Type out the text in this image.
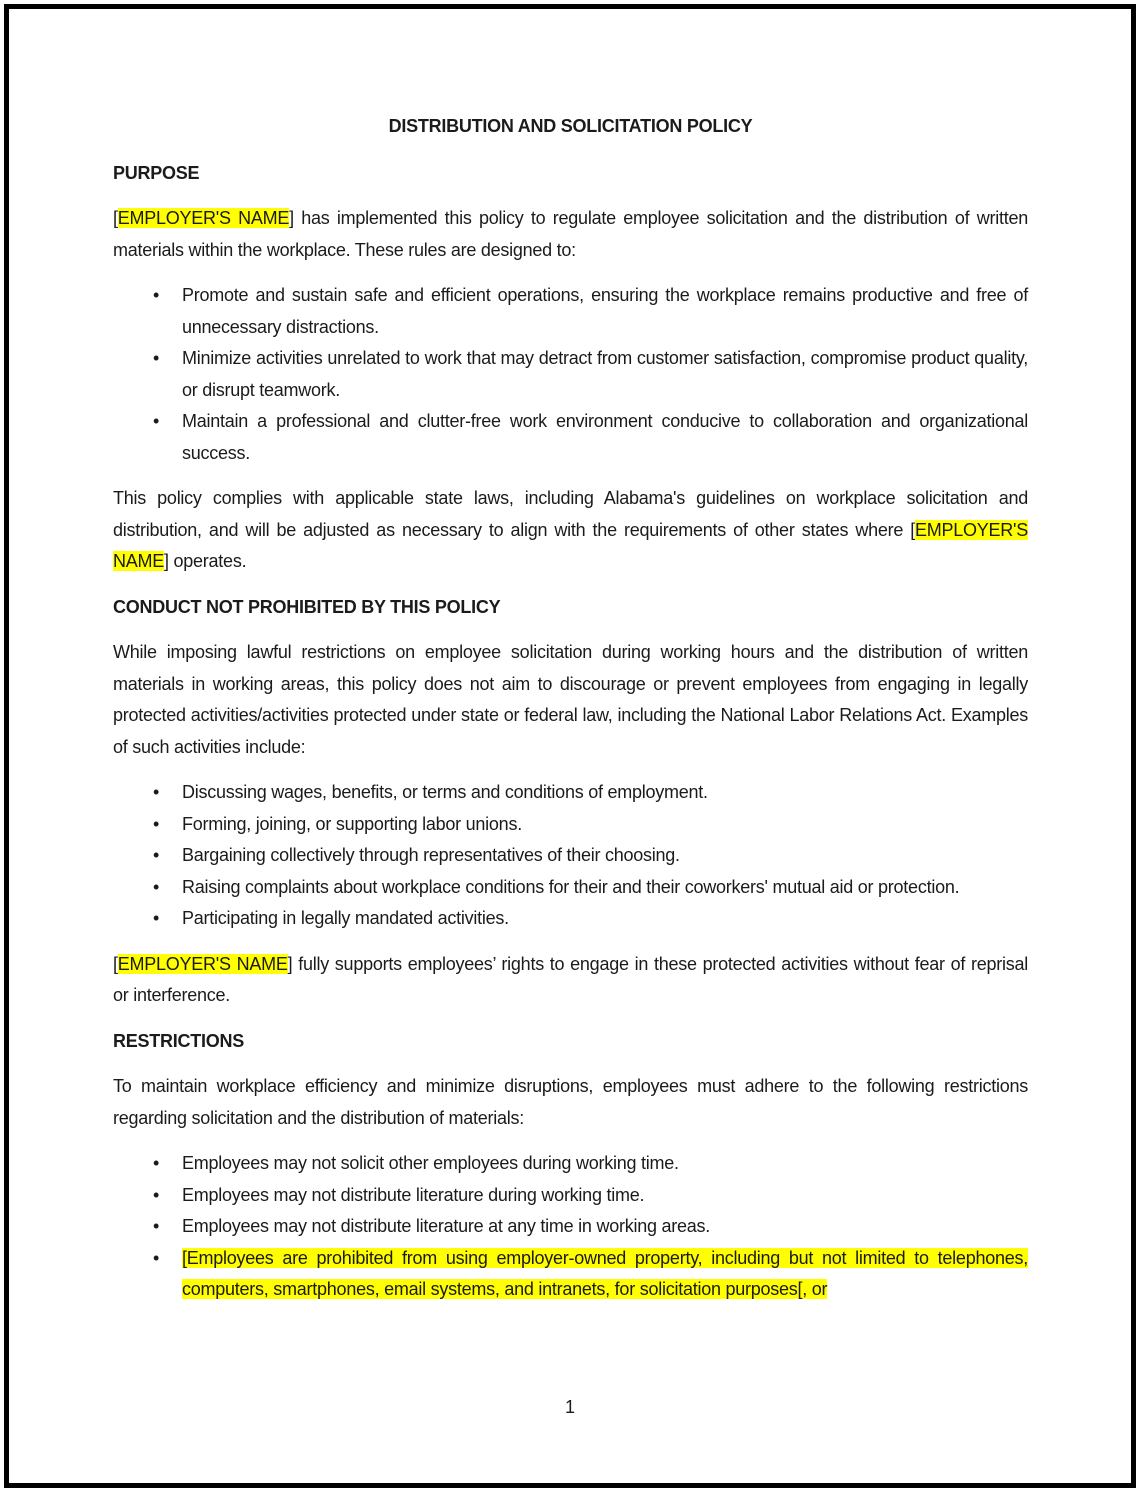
DISTRIBUTION AND SOLICITATION POLICY
PURPOSE

[EMPLOYER'S NAME] has implemented this policy to regulate employee solicitation and the distribution of written materials within the workplace. These rules are designed to:

• Promote and sustain safe and efficient operations, ensuring the workplace remains productive and free of unnecessary distractions.
• Minimize activities unrelated to work that may detract from customer satisfaction, compromise product quality, or disrupt teamwork.
• Maintain a professional and clutter-free work environment conducive to collaboration and organizational success.

This policy complies with applicable state laws, including Alabama's guidelines on workplace solicitation and distribution, and will be adjusted as necessary to align with the requirements of other states where [EMPLOYER'S NAME] operates.

CONDUCT NOT PROHIBITED BY THIS POLICY

While imposing lawful restrictions on employee solicitation during working hours and the distribution of written materials in working areas, this policy does not aim to discourage or prevent employees from engaging in legally protected activities/activities protected under state or federal law, including the National Labor Relations Act. Examples of such activities include:

• Discussing wages, benefits, or terms and conditions of employment.
• Forming, joining, or supporting labor unions.
• Bargaining collectively through representatives of their choosing.
• Raising complaints about workplace conditions for their and their coworkers' mutual aid or protection.
• Participating in legally mandated activities.

[EMPLOYER'S NAME] fully supports employees’ rights to engage in these protected activities without fear of reprisal or interference.

RESTRICTIONS

To maintain workplace efficiency and minimize disruptions, employees must adhere to the following restrictions regarding solicitation and the distribution of materials:

• Employees may not solicit other employees during working time.
• Employees may not distribute literature during working time.
• Employees may not distribute literature at any time in working areas.
• [Employees are prohibited from using employer-owned property, including but not limited to telephones, computers, smartphones, email systems, and intranets, for solicitation purposes[, or
1
